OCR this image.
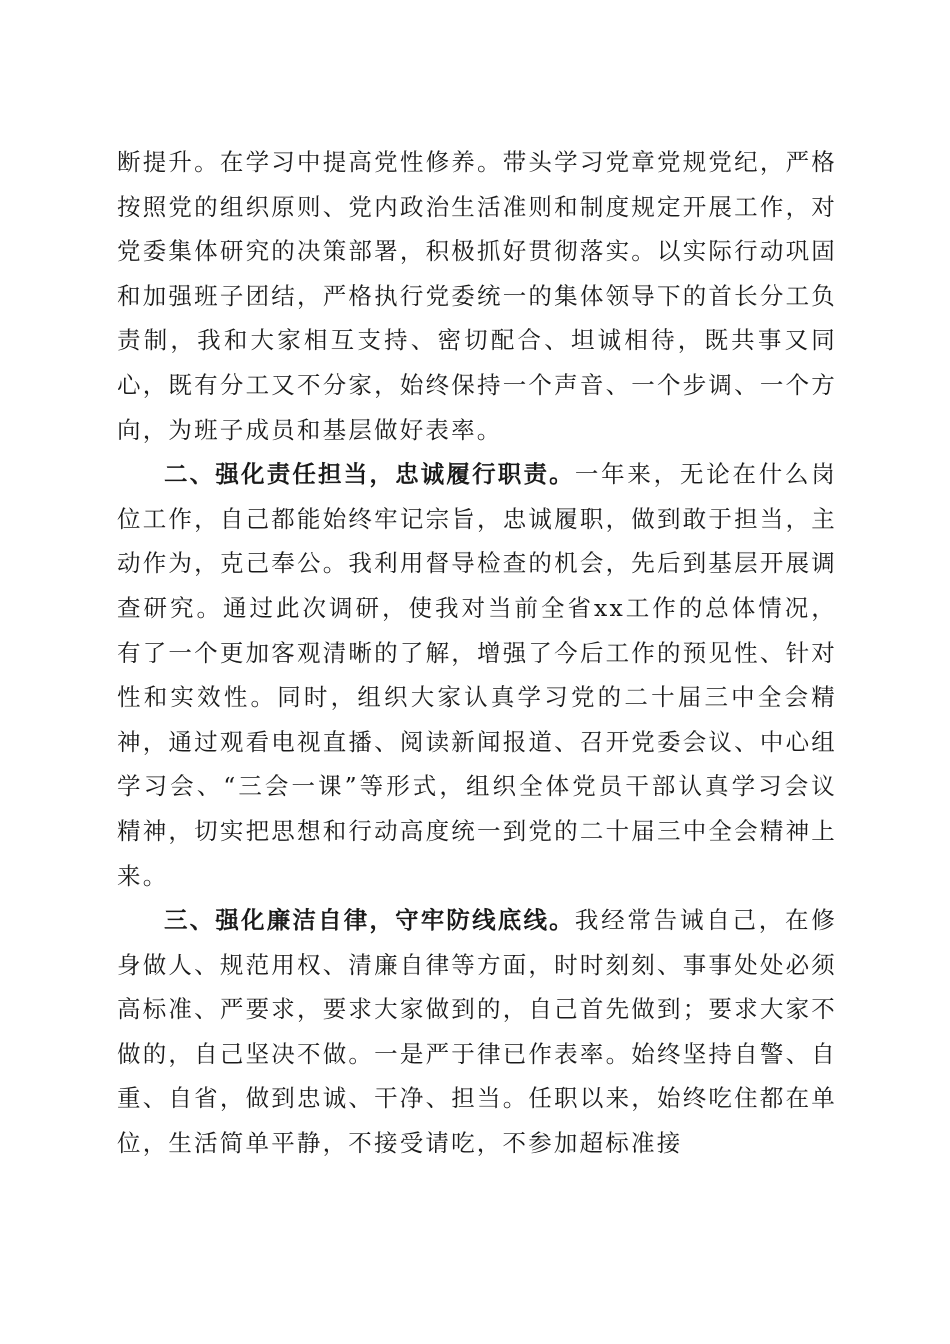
断提升。在学习中提高党性修养。带头学习党章党规党纪，严格按照党的组织原则、党内政治生活准则和制度规定开展工作，对党委集体研究的决策部署，积极抓好贯彻落实。以实际行动巩固和加强班子团结，严格执行党委统一的集体领导下的首长分工负责制，我和大家相互支持、密切配合、坦诚相待，既共事又同心，既有分工又不分家，始终保持一个声音、一个步调、一个方向，为班子成员和基层做好表率。

二、强化责任担当，忠诚履行职责。一年来，无论在什么岗位工作，自己都能始终牢记宗旨，忠诚履职，做到敢于担当，主动作为，克己奉公。我利用督导检查的机会，先后到基层开展调查研究。通过此次调研，使我对当前全省xx工作的总体情况，有了一个更加客观清晰的了解，增强了今后工作的预见性、针对性和实效性。同时，组织大家认真学习党的二十届三中全会精神，通过观看电视直播、阅读新闻报道、召开党委会议、中心组学习会、“三会一课”等形式，组织全体党员干部认真学习会议精神，切实把思想和行动高度统一到党的二十届三中全会精神上来。

三、强化廉洁自律，守牢防线底线。我经常告诫自己，在修身做人、规范用权、清廉自律等方面，时时刻刻、事事处处必须高标准、严要求，要求大家做到的，自己首先做到；要求大家不做的，自己坚决不做。一是严于律已作表率。始终坚持自警、自重、自省，做到忠诚、干净、担当。任职以来，始终吃住都在单位，生活简单平静，不接受请吃，不参加超标准接
